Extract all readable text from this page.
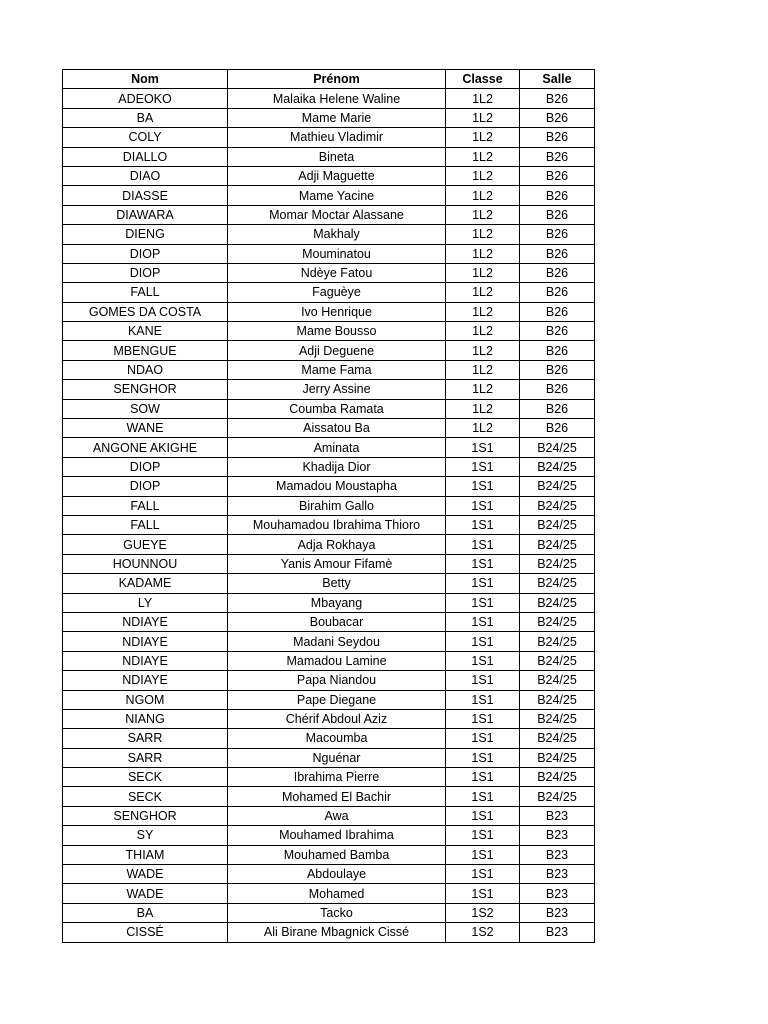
Nom	Prénom	Classe	Salle
ADEOKO	Malaika Helene Waline	1L2	B26
BA	Mame Marie	1L2	B26
COLY	Mathieu Vladimir	1L2	B26
DIALLO	Bineta	1L2	B26
DIAO	Adji Maguette	1L2	B26
DIASSE	Mame Yacine	1L2	B26
DIAWARA	Momar Moctar Alassane	1L2	B26
DIENG	Makhaly	1L2	B26
DIOP	Mouminatou	1L2	B26
DIOP	Ndèye Fatou	1L2	B26
FALL	Faguèye	1L2	B26
GOMES DA COSTA	Ivo Henrique	1L2	B26
KANE	Mame Bousso	1L2	B26
MBENGUE	Adji Deguene	1L2	B26
NDAO	Mame Fama	1L2	B26
SENGHOR	Jerry Assine	1L2	B26
SOW	Coumba Ramata	1L2	B26
WANE	Aissatou Ba	1L2	B26
ANGONE AKIGHE	Aminata	1S1	B24/25
DIOP	Khadija Dior	1S1	B24/25
DIOP	Mamadou Moustapha	1S1	B24/25
FALL	Birahim Gallo	1S1	B24/25
FALL	Mouhamadou Ibrahima Thioro	1S1	B24/25
GUEYE	Adja Rokhaya	1S1	B24/25
HOUNNOU	Yanis Amour Fifamè	1S1	B24/25
KADAME	Betty	1S1	B24/25
LY	Mbayang	1S1	B24/25
NDIAYE	Boubacar	1S1	B24/25
NDIAYE	Madani Seydou	1S1	B24/25
NDIAYE	Mamadou Lamine	1S1	B24/25
NDIAYE	Papa Niandou	1S1	B24/25
NGOM	Pape Diegane	1S1	B24/25
NIANG	Chérif Abdoul Aziz	1S1	B24/25
SARR	Macoumba	1S1	B24/25
SARR	Nguénar	1S1	B24/25
SECK	Ibrahima Pierre	1S1	B24/25
SECK	Mohamed El Bachir	1S1	B24/25
SENGHOR	Awa	1S1	B23
SY	Mouhamed Ibrahima	1S1	B23
THIAM	Mouhamed Bamba	1S1	B23
WADE	Abdoulaye	1S1	B23
WADE	Mohamed	1S1	B23
BA	Tacko	1S2	B23
CISSÉ	Ali Birane Mbagnick Cissé	1S2	B23
